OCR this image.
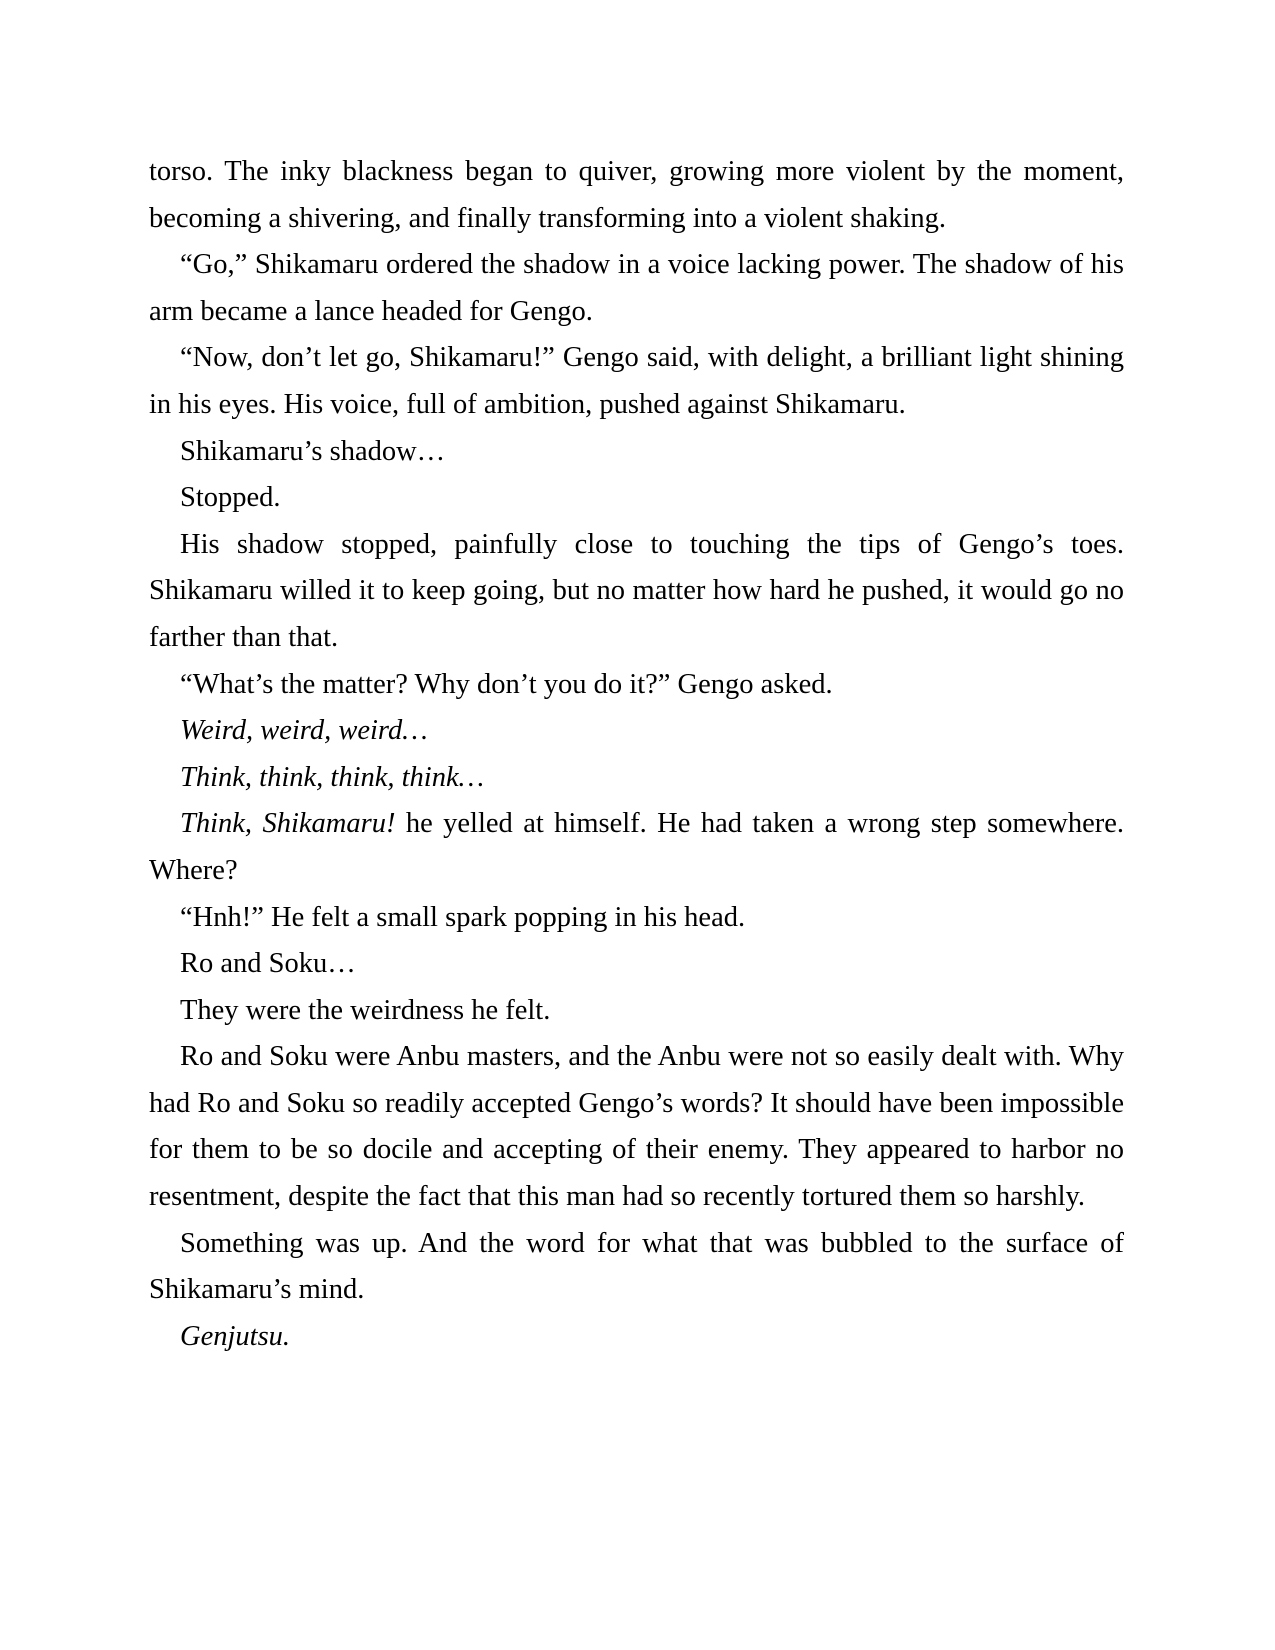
torso. The inky blackness began to quiver, growing more violent by the moment, becoming a shivering, and finally transforming into a violent shaking.

“Go,” Shikamaru ordered the shadow in a voice lacking power. The shadow of his arm became a lance headed for Gengo.

“Now, don’t let go, Shikamaru!” Gengo said, with delight, a brilliant light shining in his eyes. His voice, full of ambition, pushed against Shikamaru.

Shikamaru’s shadow…

Stopped.

His shadow stopped, painfully close to touching the tips of Gengo’s toes. Shikamaru willed it to keep going, but no matter how hard he pushed, it would go no farther than that.

“What’s the matter? Why don’t you do it?” Gengo asked.

Weird, weird, weird…

Think, think, think, think…

Think, Shikamaru! he yelled at himself. He had taken a wrong step somewhere. Where?

“Hnh!” He felt a small spark popping in his head.

Ro and Soku…

They were the weirdness he felt.

Ro and Soku were Anbu masters, and the Anbu were not so easily dealt with. Why had Ro and Soku so readily accepted Gengo’s words? It should have been impossible for them to be so docile and accepting of their enemy. They appeared to harbor no resentment, despite the fact that this man had so recently tortured them so harshly.

Something was up. And the word for what that was bubbled to the surface of Shikamaru’s mind.

Genjutsu.
